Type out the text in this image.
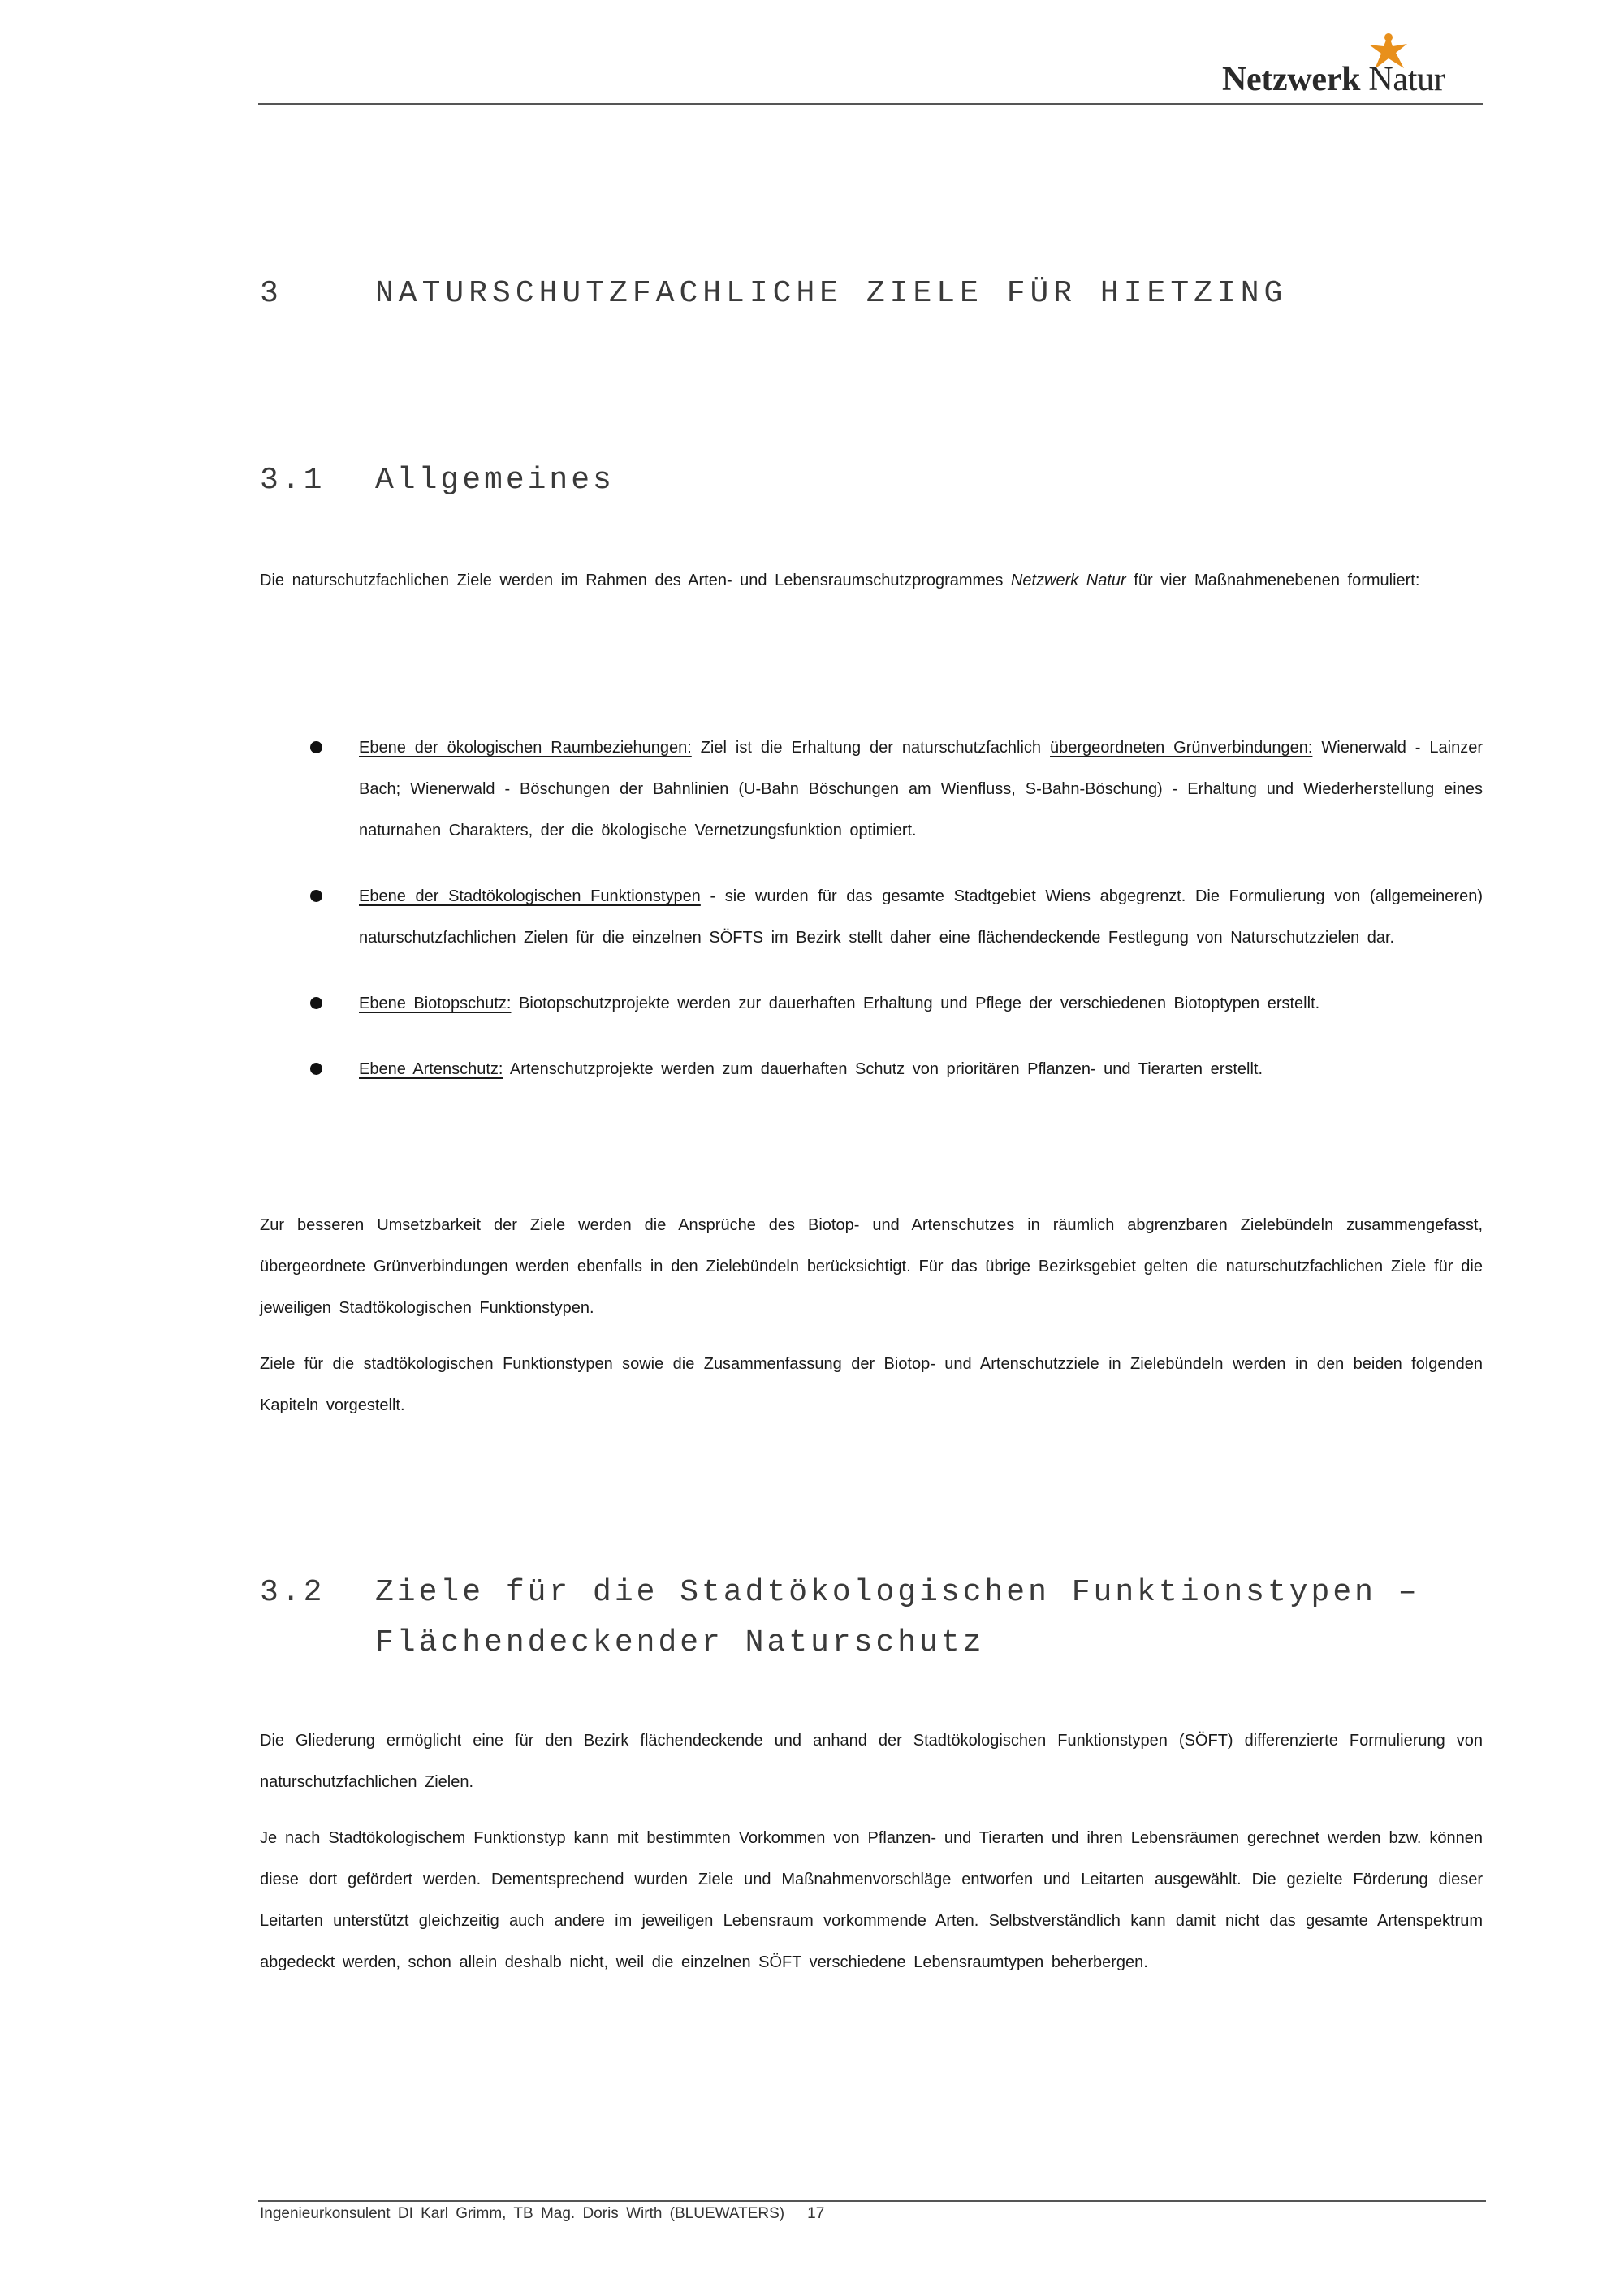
Netzwerk Natur
3	NATURSCHUTZFACHLICHE ZIELE FÜR HIETZING
3.1 Allgemeines
Die naturschutzfachlichen Ziele werden im Rahmen des Arten- und Lebensraumschutzprogrammes Netzwerk Natur für vier Maßnahmenebenen formuliert:
Ebene der ökologischen Raumbeziehungen: Ziel ist die Erhaltung der naturschutzfachlich übergeordneten Grünverbindungen: Wienerwald - Lainzer Bach; Wienerwald - Böschungen der Bahnlinien (U-Bahn Böschungen am Wienfluss, S-Bahn-Böschung) - Erhaltung und Wiederherstellung eines naturnahen Charakters, der die ökologische Vernetzungsfunktion optimiert.
Ebene der Stadtökologischen Funktionstypen - sie wurden für das gesamte Stadtgebiet Wiens abgegrenzt. Die Formulierung von (allgemeineren) naturschutzfachlichen Zielen für die einzelnen SÖFTS im Bezirk stellt daher eine flächendeckende Festlegung von Naturschutzzielen dar.
Ebene Biotopschutz: Biotopschutzprojekte werden zur dauerhaften Erhaltung und Pflege der verschiedenen Biotoptypen erstellt.
Ebene Artenschutz: Artenschutzprojekte werden zum dauerhaften Schutz von prioritären Pflanzen- und Tierarten erstellt.
Zur besseren Umsetzbarkeit der Ziele werden die Ansprüche des Biotop- und Artenschutzes in räumlich abgrenzbaren Zielebündeln zusammengefasst, übergeordnete Grünverbindungen werden ebenfalls in den Zielebündeln berücksichtigt. Für das übrige Bezirksgebiet gelten die naturschutzfachlichen Ziele für die jeweiligen Stadtökologischen Funktionstypen.
Ziele für die stadtökologischen Funktionstypen sowie die Zusammenfassung der Biotop- und Artenschutzziele in Zielebündeln werden in den beiden folgenden Kapiteln vorgestellt.
3.2 Ziele für die Stadtökologischen Funktionstypen –
Flächendeckender Naturschutz
Die Gliederung ermöglicht eine für den Bezirk flächendeckende und anhand der Stadtökologischen Funktionstypen (SÖFT) differenzierte Formulierung von naturschutzfachlichen Zielen.
Je nach Stadtökologischem Funktionstyp kann mit bestimmten Vorkommen von Pflanzen- und Tierarten und ihren Lebensräumen gerechnet werden bzw. können diese dort gefördert werden. Dementsprechend wurden Ziele und Maßnahmenvorschläge entworfen und Leitarten ausgewählt. Die gezielte Förderung dieser Leitarten unterstützt gleichzeitig auch andere im jeweiligen Lebensraum vorkommende Arten. Selbstverständlich kann damit nicht das gesamte Artenspektrum abgedeckt werden, schon allein deshalb nicht, weil die einzelnen SÖFT verschiedene Lebensraumtypen beherbergen.
Ingenieurkonsulent DI Karl Grimm, TB Mag. Doris Wirth (BLUEWATERS) 17
